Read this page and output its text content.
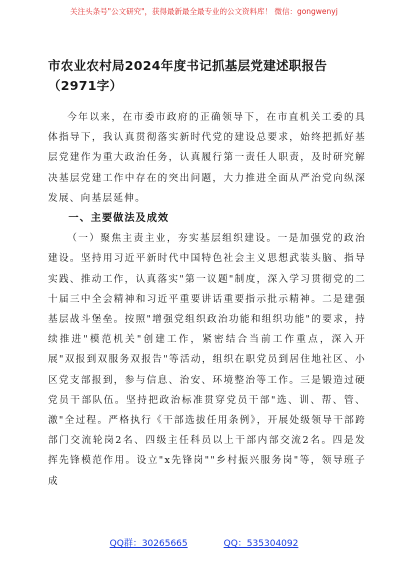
关注头条号"公文研究"，获得最新最全最专业的公文资料库！ 微信：gongwenyj
市农业农村局2024年度书记抓基层党建述职报告（2971字）

今年以来，在市委市政府的正确领导下，在市直机关工委的具体指导下，我认真贯彻落实新时代党的建设总要求，始终把抓好基层党建作为重大政治任务，认真履行第一责任人职责，及时研究解决基层党建工作中存在的突出问题，大力推进全面从严治党向纵深发展、向基层延伸。

一、主要做法及成效

（一）聚焦主责主业，夯实基层组织建设。一是加强党的政治建设。坚持用习近平新时代中国特色社会主义思想武装头脑、指导实践、推动工作，认真落实"第一议题"制度，深入学习贯彻党的二十届三中全会精神和习近平重要讲话重要指示批示精神。二是建强基层战斗堡垒。按照"增强党组织政治功能和组织功能"的要求，持续推进"模范机关"创建工作，紧密结合当前工作重点，深入开展"双报到双服务双报告"等活动，组织在职党员到居住地社区、小区党支部报到，参与信息、治安、环境整治等工作。三是锻造过硬党员干部队伍。坚持把政治标准贯穿党员干部"选、训、帮、管、激"全过程。严格执行《干部选拔任用条例》，开展处级领导干部跨部门交流轮岗2名、四级主任科员以上干部内部交流2名。四是发挥先锋模范作用。设立"x先锋岗""乡村振兴服务岗"等，领导班子成

QQ群：30265665	QQ：535304092
